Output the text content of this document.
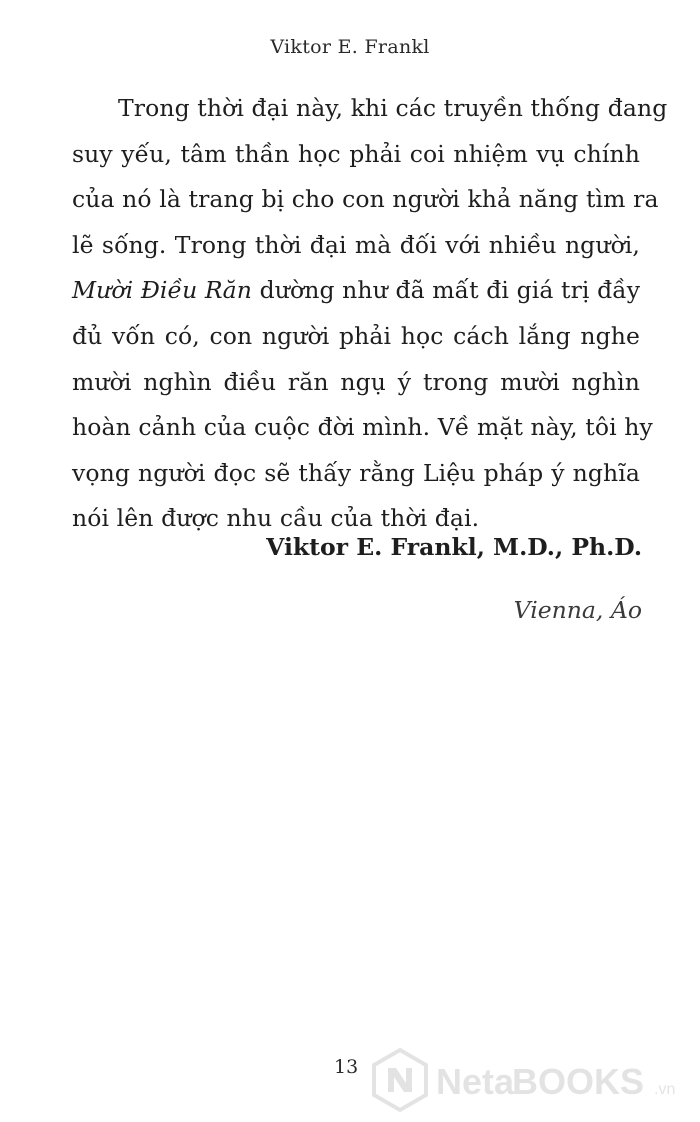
Viktor E. Frankl
Trong thời đại này, khi các truyền thống đang
suy yếu, tâm thần học phải coi nhiệm vụ chính
của nó là trang bị cho con người khả năng tìm ra
lẽ sống. Trong thời đại mà đối với nhiều người,
Mười Điều Răn dường như đã mất đi giá trị đầy
đủ vốn có, con người phải học cách lắng nghe
mười nghìn điều răn ngụ ý trong mười nghìn
hoàn cảnh của cuộc đời mình. Về mặt này, tôi hy
vọng người đọc sẽ thấy rằng Liệu pháp ý nghĩa
nói lên được nhu cầu của thời đại.
Viktor E. Frankl, M.D., Ph.D.
Vienna, Áo
13 Neta
BOOKS .vn
